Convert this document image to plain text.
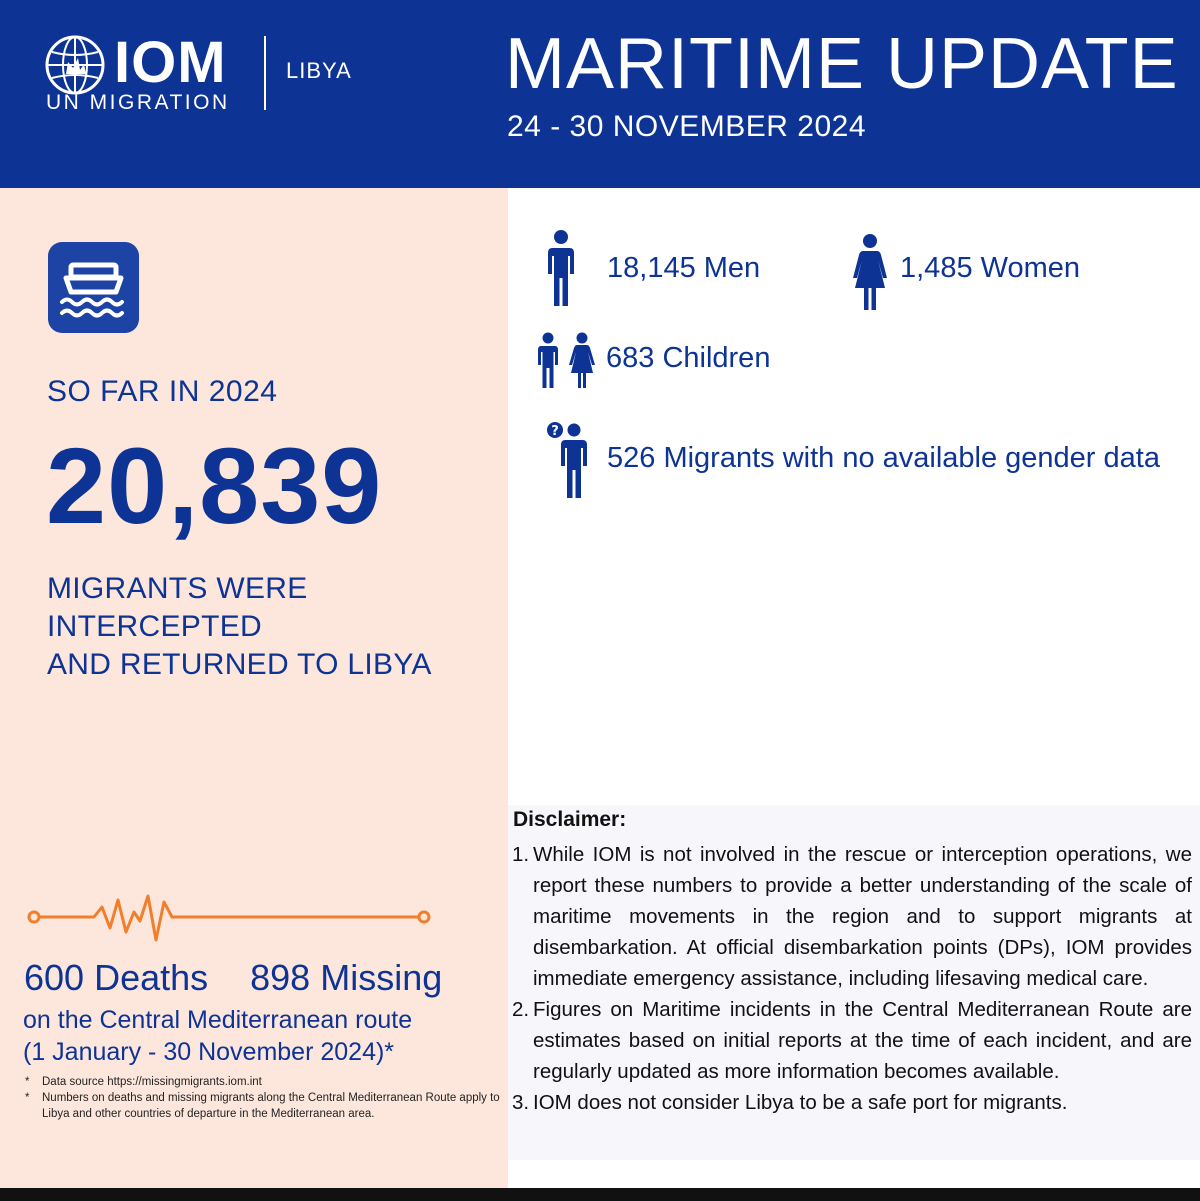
IOM
UN MIGRATION
LIBYA MARITIME UPDATE
24 - 30 NOVEMBER 2024
SO FAR IN 2024
20,839
MIGRANTS WERE INTERCEPTED
AND RETURNED TO LIBYA
600 Deaths 898 Missing
on the Central Mediterranean route
(1 January - 30 November 2024)*
* Data source https://missingmigrants.iom.int
* Numbers on deaths and missing migrants along the Central Mediterranean Route apply to Libya and other countries of departure in the Mediterranean area.
18,145 Men	1,485 Women
683 Children
?
526 Migrants with no available gender data
Disclaimer:
1. While IOM is not involved in the rescue or interception operations, we report these numbers to provide a better understanding of the scale of maritime movements in the region and to support migrants at disembarkation. At official disembarkation points (DPs), IOM provides immediate emergency assistance, including lifesaving medical care.
2. Figures on Maritime incidents in the Central Mediterranean Route are estimates based on initial reports at the time of each incident, and are regularly updated as more information becomes available.
3. IOM does not consider Libya to be a safe port for migrants.
